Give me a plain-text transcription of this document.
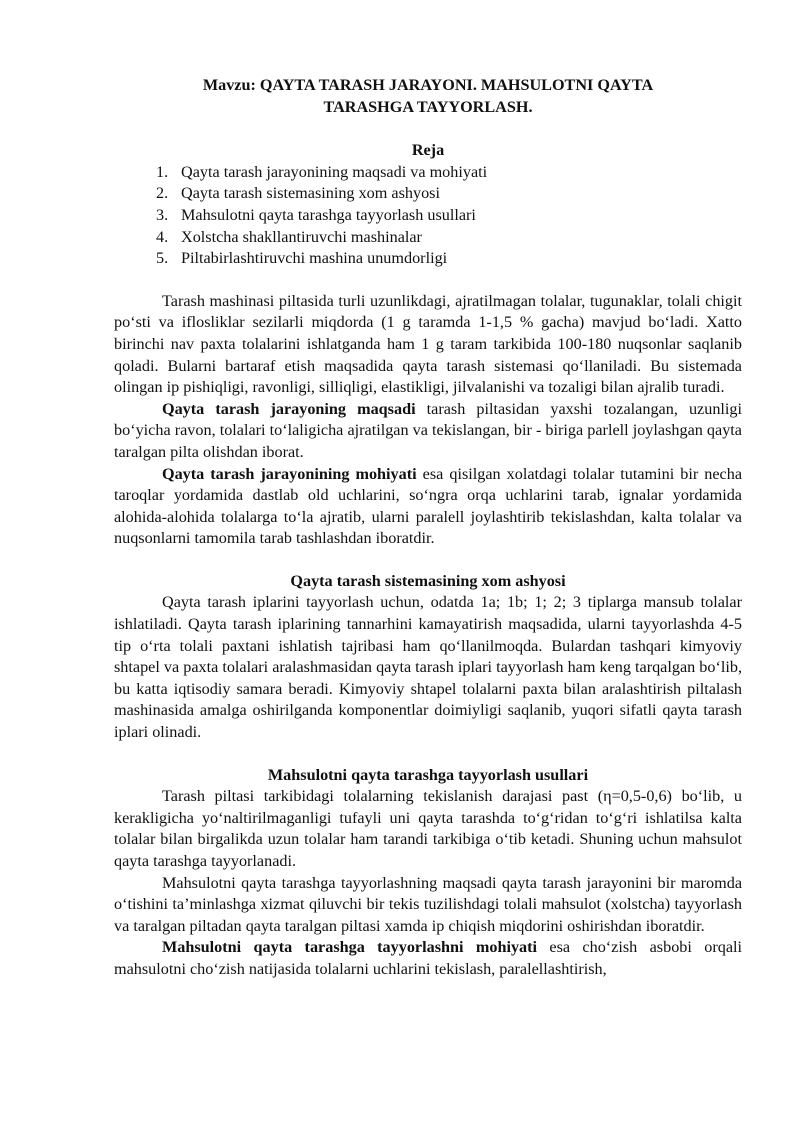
Mavzu: QAYTA TARASH JARAYONI. MAHSULOTNI QAYTA
TARASHGA TAYYORLASH.
Reja
1. Qayta tarash jarayonining maqsadi va mohiyati
2. Qayta tarash sistemasining xom ashyosi
3. Mahsulotni qayta tarashga tayyorlash usullari
4. Xolstcha shakllantiruvchi mashinalar
5. Piltabirlashtiruvchi mashina unumdorligi

Tarash mashinasi piltasida turli uzunlikdagi, ajratilmagan tolalar, tugunaklar, tolali chigit po‘sti va iflosliklar sezilarli miqdorda (1 g taramda 1-1,5 % gacha) mavjud bo‘ladi. Xatto birinchi nav paxta tolalarini ishlatganda ham 1 g taram tarkibida 100-180 nuqsonlar saqlanib qoladi. Bularni bartaraf etish maqsadida qayta tarash sistemasi qo‘llaniladi. Bu sistemada olingan ip pishiqligi, ravonligi, silliqligi, elastikligi, jilvalanishi va tozaligi bilan ajralib turadi.

Qayta tarash jarayoning maqsadi tarash piltasidan yaxshi tozalangan, uzunligi bo‘yicha ravon, tolalari to‘laligicha ajratilgan va tekislangan, bir - biriga parlell joylashgan qayta taralgan pilta olishdan iborat.

Qayta tarash jarayonining mohiyati esa qisilgan xolatdagi tolalar tutamini bir necha taroqlar yordamida dastlab old uchlarini, so‘ngra orqa uchlarini tarab, ignalar yordamida alohida-alohida tolalarga to‘la ajratib, ularni paralell joylashtirib tekislashdan, kalta tolalar va nuqsonlarni tamomila tarab tashlashdan iboratdir.

Qayta tarash sistemasining xom ashyosi

Qayta tarash iplarini tayyorlash uchun, odatda 1a; 1b; 1; 2; 3 tiplarga mansub tolalar ishlatiladi. Qayta tarash iplarining tannarhini kamayatirish maqsadida, ularni tayyorlashda 4-5 tip o‘rta tolali paxtani ishlatish tajribasi ham qo‘llanilmoqda. Bulardan tashqari kimyoviy shtapel va paxta tolalari aralashmasidan qayta tarash iplari tayyorlash ham keng tarqalgan bo‘lib, bu katta iqtisodiy samara beradi. Kimyoviy shtapel tolalarni paxta bilan aralashtirish piltalash mashinasida amalga oshirilganda komponentlar doimiyligi saqlanib, yuqori sifatli qayta tarash iplari olinadi.

Mahsulotni qayta tarashga tayyorlash usullari

Tarash piltasi tarkibidagi tolalarning tekislanish darajasi past (η=0,5-0,6) bo‘lib, u kerakligicha yo‘naltirilmaganligi tufayli uni qayta tarashda to‘g‘ridan to‘g‘ri ishlatilsa kalta tolalar bilan birgalikda uzun tolalar ham tarandi tarkibiga o‘tib ketadi. Shuning uchun mahsulot qayta tarashga tayyorlanadi.

Mahsulotni qayta tarashga tayyorlashning maqsadi qayta tarash jarayonini bir maromda o‘tishini ta’minlashga xizmat qiluvchi bir tekis tuzilishdagi tolali mahsulot (xolstcha) tayyorlash va taralgan piltadan qayta taralgan piltasi xamda ip chiqish miqdorini oshirishdan iboratdir.

Mahsulotni qayta tarashga tayyorlashni mohiyati esa cho‘zish asbobi orqali mahsulotni cho‘zish natijasida tolalarni uchlarini tekislash, paralellashtirish,
